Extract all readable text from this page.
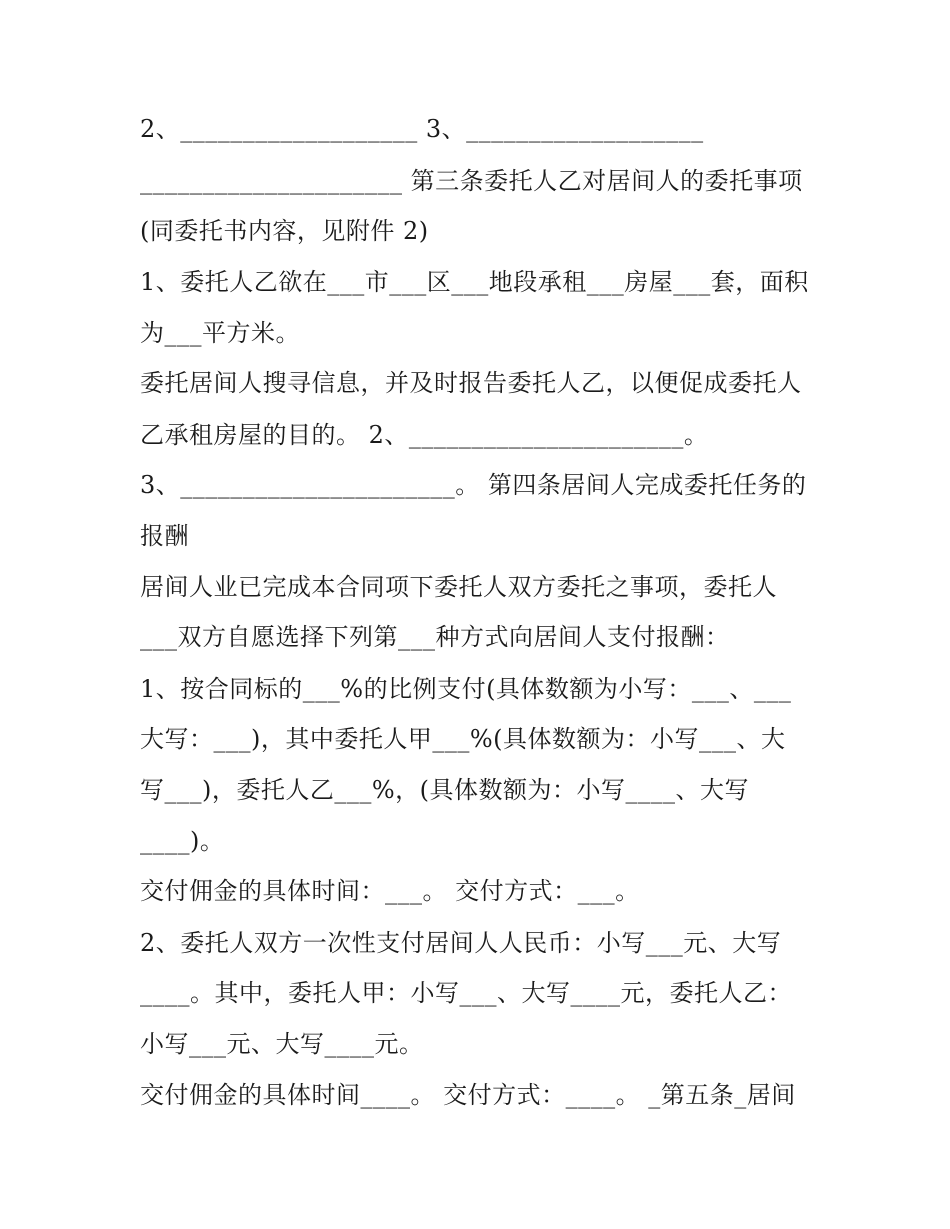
2、___________________ 3、___________________
_____________________ 第三条委托人乙对居间人的委托事项
(同委托书内容，见附件 2)
1、委托人乙欲在___市___区___地段承租___房屋___套，面积
为___平方米。
委托居间人搜寻信息，并及时报告委托人乙，以便促成委托人
乙承租房屋的目的。 2、______________________。
3、______________________。 第四条居间人完成委托任务的
报酬
居间人业已完成本合同项下委托人双方委托之事项，委托人
___双方自愿选择下列第___种方式向居间人支付报酬：
1、按合同标的___%的比例支付(具体数额为小写：___、___
大写：___)，其中委托人甲___%(具体数额为：小写___、大
写___)，委托人乙___%，(具体数额为：小写____、大写
____)。
交付佣金的具体时间：___。 交付方式：___。
2、委托人双方一次性支付居间人人民币：小写___元、大写
____。其中，委托人甲：小写___、大写____元，委托人乙：
小写___元、大写____元。
交付佣金的具体时间____。 交付方式：____。 _第五条_居间
